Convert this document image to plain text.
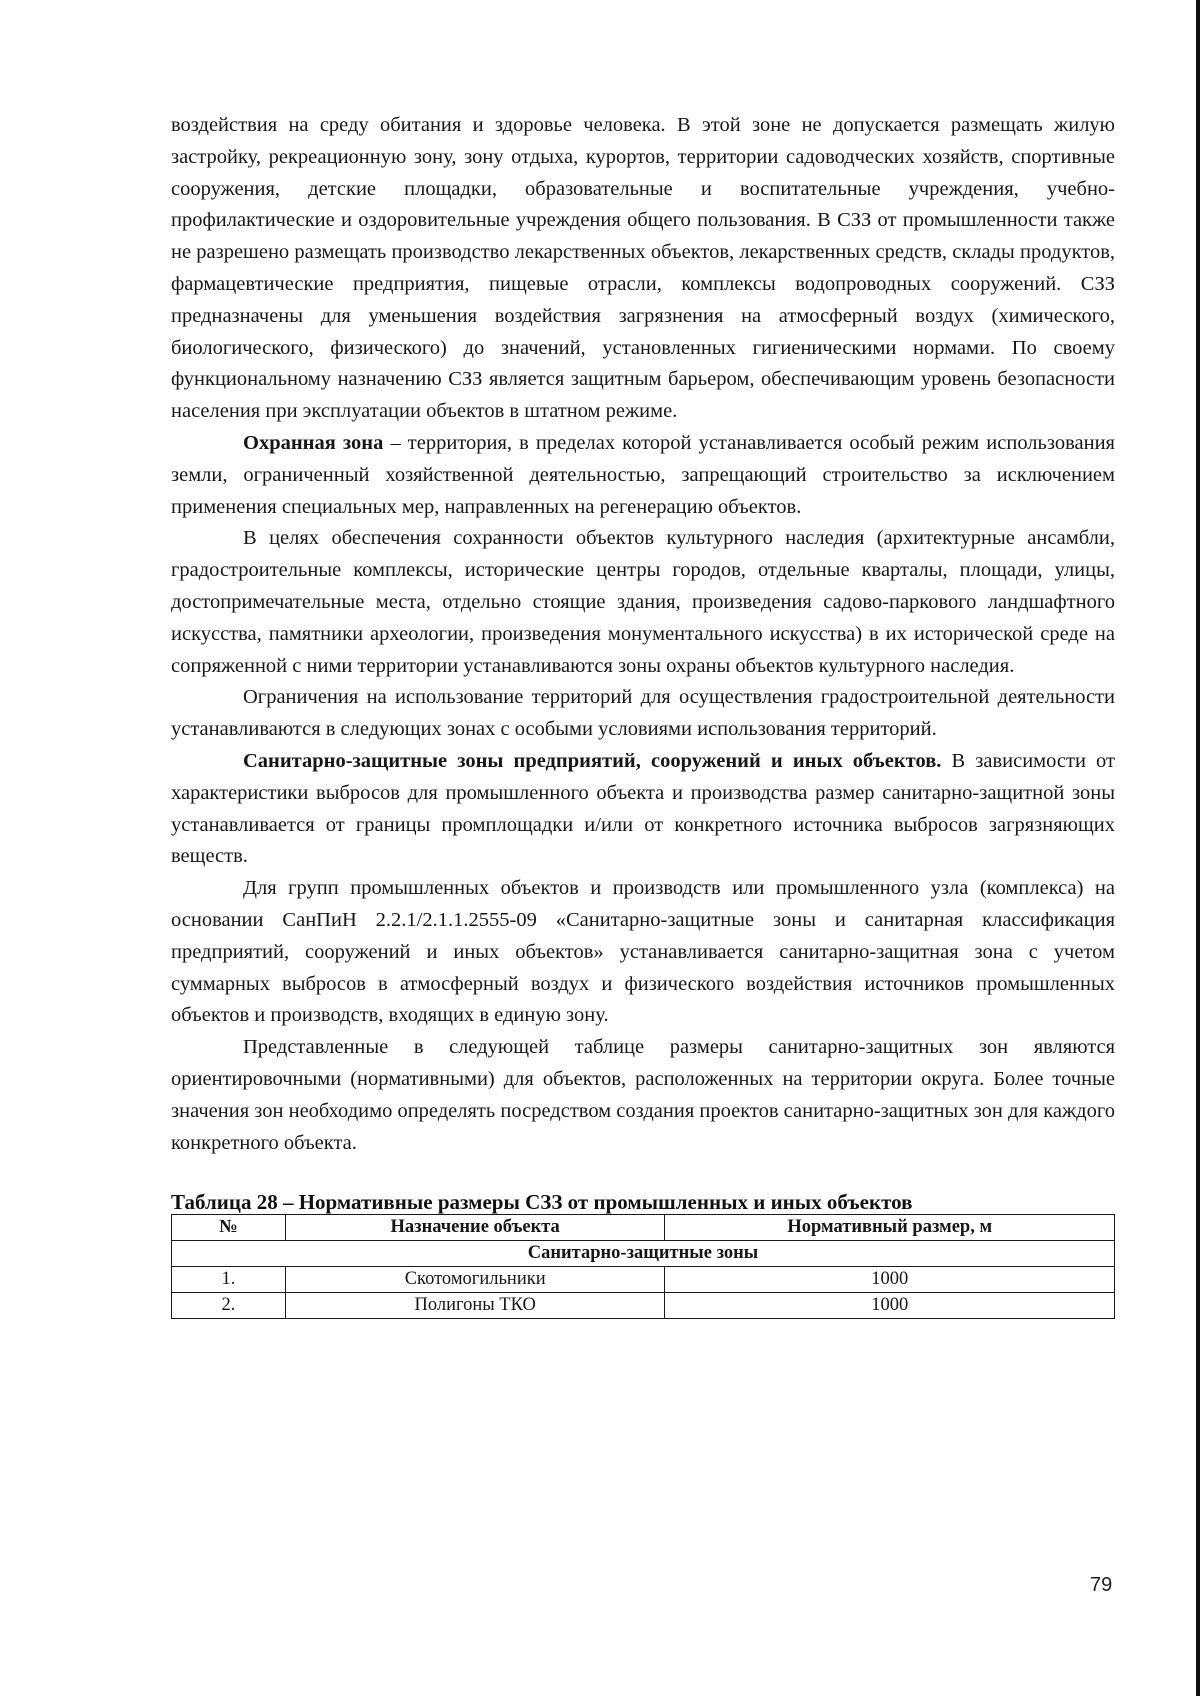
воздействия на среду обитания и здоровье человека. В этой зоне не допускается размещать жилую застройку, рекреационную зону, зону отдыха, курортов, территории садоводческих хозяйств, спортивные сооружения, детские площадки, образовательные и воспитательные учреждения, учебно-профилактические и оздоровительные учреждения общего пользования. В СЗЗ от промышленности также не разрешено размещать производство лекарственных объектов, лекарственных средств, склады продуктов, фармацевтические предприятия, пищевые отрасли, комплексы водопроводных сооружений. СЗЗ предназначены для уменьшения воздействия загрязнения на атмосферный воздух (химического, биологического, физического) до значений, установленных гигиеническими нормами. По своему функциональному назначению СЗЗ является защитным барьером, обеспечивающим уровень безопасности населения при эксплуатации объектов в штатном режиме.

Охранная зона – территория, в пределах которой устанавливается особый режим использования земли, ограниченный хозяйственной деятельностью, запрещающий строительство за исключением применения специальных мер, направленных на регенерацию объектов.

В целях обеспечения сохранности объектов культурного наследия (архитектурные ансамбли, градостроительные комплексы, исторические центры городов, отдельные кварталы, площади, улицы, достопримечательные места, отдельно стоящие здания, произведения садово-паркового ландшафтного искусства, памятники археологии, произведения монументального искусства) в их исторической среде на сопряженной с ними территории устанавливаются зоны охраны объектов культурного наследия.

Ограничения на использование территорий для осуществления градостроительной деятельности устанавливаются в следующих зонах с особыми условиями использования территорий.

Санитарно-защитные зоны предприятий, сооружений и иных объектов. В зависимости от характеристики выбросов для промышленного объекта и производства размер санитарно-защитной зоны устанавливается от границы промплощадки и/или от конкретного источника выбросов загрязняющих веществ.

Для групп промышленных объектов и производств или промышленного узла (комплекса) на основании СанПиН 2.2.1/2.1.1.2555-09 «Санитарно-защитные зоны и санитарная классификация предприятий, сооружений и иных объектов» устанавливается санитарно-защитная зона с учетом суммарных выбросов в атмосферный воздух и физического воздействия источников промышленных объектов и производств, входящих в единую зону.

Представленные в следующей таблице размеры санитарно-защитных зон являются ориентировочными (нормативными) для объектов, расположенных на территории округа. Более точные значения зон необходимо определять посредством создания проектов санитарно-защитных зон для каждого конкретного объекта.

Таблица 28 – Нормативные размеры СЗЗ от промышленных и иных объектов
№	Назначение объекта	Нормативный размер, м
Санитарно-защитные зоны		
1.	Скотомогильники	1000
2.	Полигоны ТКО	1000
79
